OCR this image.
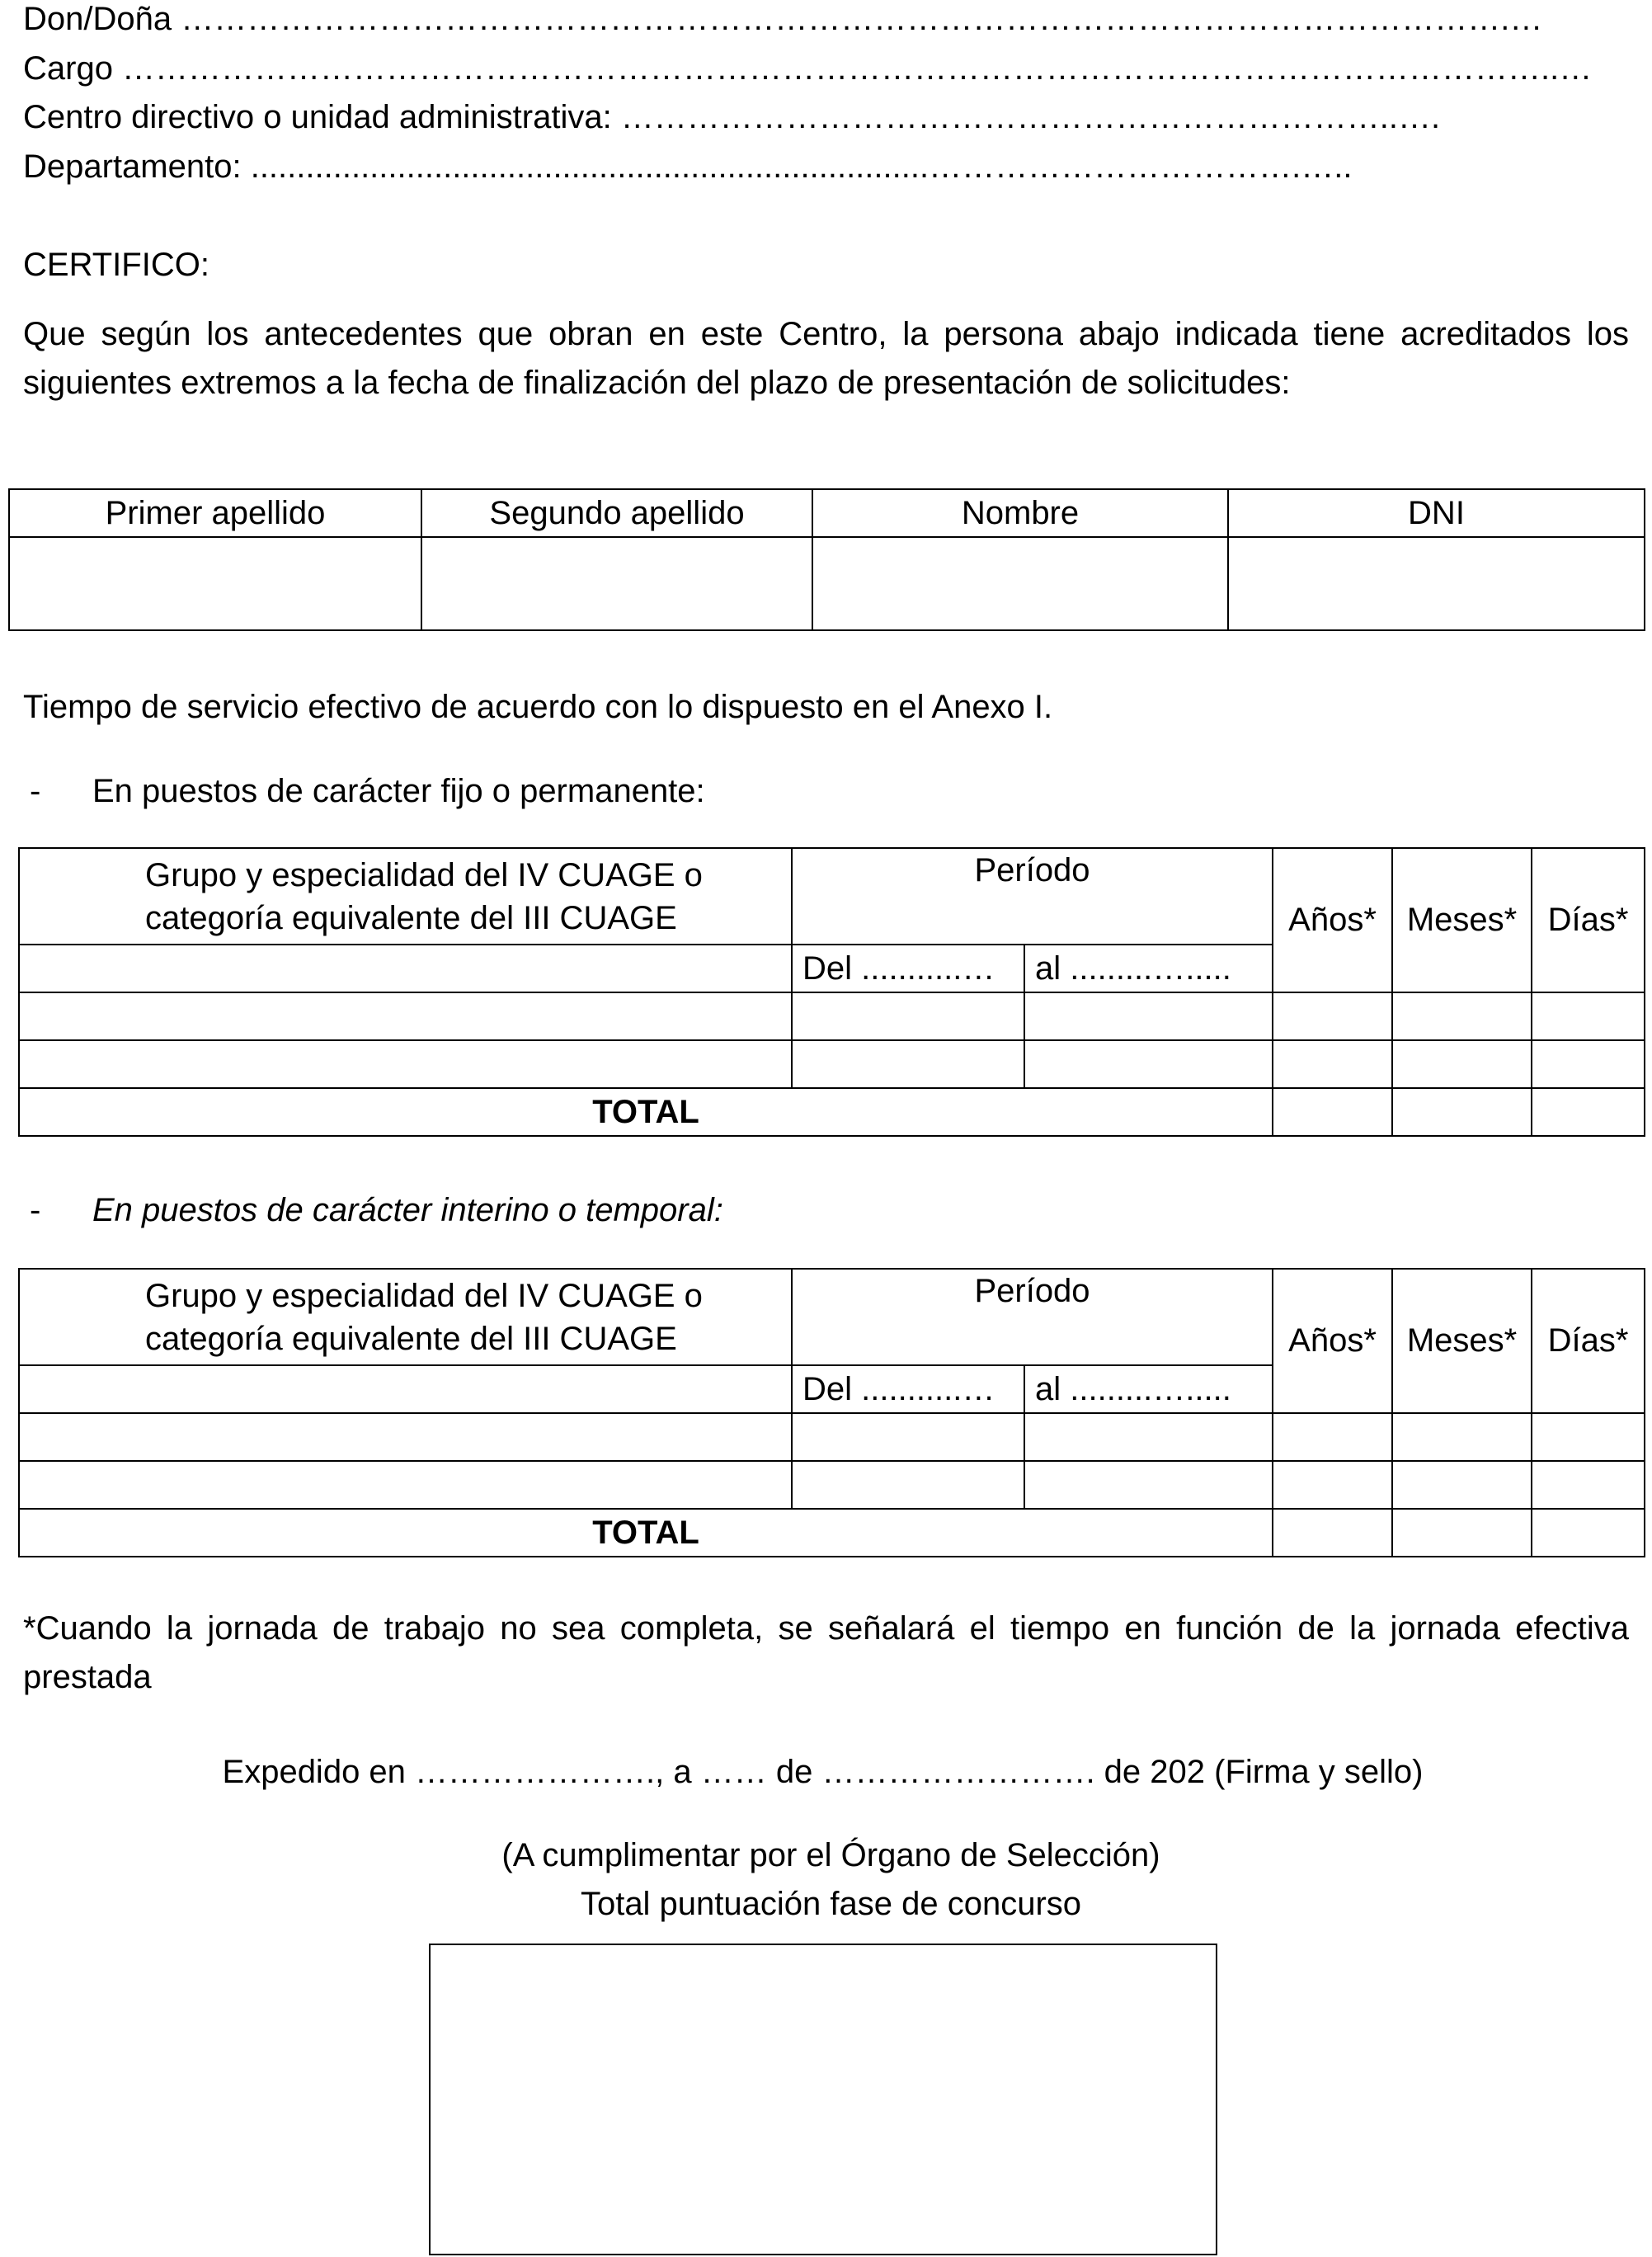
Don/Doña ………………………………………………………………………………………………………….…
Cargo …………………………………………………………………………………………………………………..…
Centro directivo o unidad administrativa: ……………………………………………………………..….
Departamento: ..........................................................................…………………………….…..
CERTIFICO:
Que según los antecedentes que obran en este Centro, la persona abajo indicada tiene acreditados los siguientes extremos a la fecha de finalización del plazo de presentación de solicitudes:
Primer apellido	Segundo apellido	Nombre	DNI

Tiempo de servicio efectivo de acuerdo con lo dispuesto en el Anexo I.
- En puestos de carácter fijo o permanente:
Grupo y especialidad del IV CUAGE o categoría equivalente del III CUAGE	Período		Años*	Meses*	Días*
	Del ...........…	al .........….....			

TOTAL					
- En puestos de carácter interino o temporal:
Grupo y especialidad del IV CUAGE o categoría equivalente del III CUAGE	Período		Años*	Meses*	Días*
	Del ...........…	al .........….....			

TOTAL					
*Cuando la jornada de trabajo no sea completa, se señalará el tiempo en función de la jornada efectiva prestada
Expedido en …………………., a …… de ……………………. de 202 (Firma y sello)
(A cumplimentar por el Órgano de Selección)
Total puntuación fase de concurso
